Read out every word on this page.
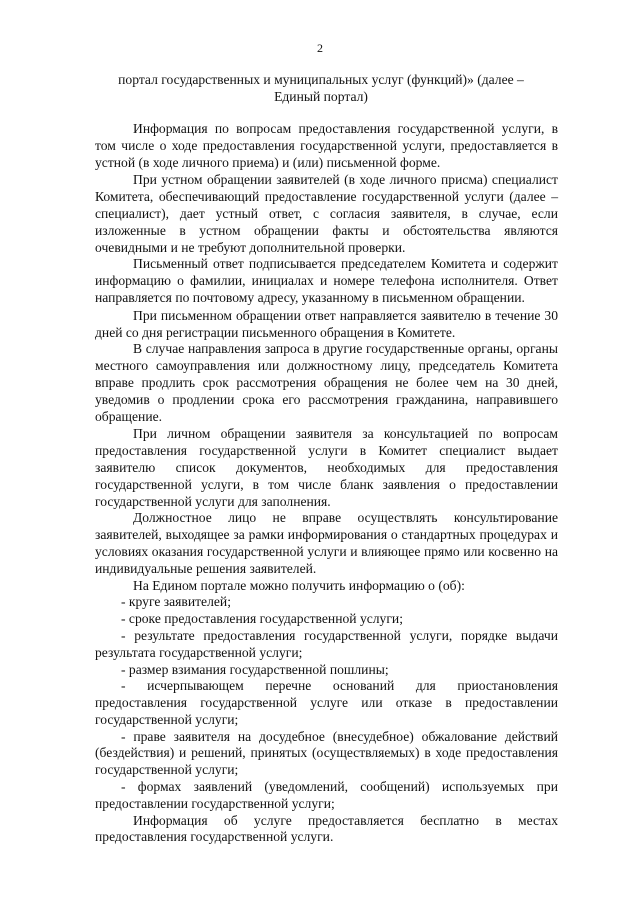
2
портал государственных и муниципальных услуг (функций)» (далее – Единый портал)

Информация по вопросам предоставления государственной услуги, в том числе о ходе предоставления государственной услуги, предоставляется в устной (в ходе личного приема) и (или) письменной форме.

При устном обращении заявителей (в ходе личного присма) специалист Комитета, обеспечивающий предоставление государственной услуги (далее – специалист), дает устный ответ, с согласия заявителя, в случае, если изложенные в устном обращении факты и обстоятельства являются очевидными и не требуют дополнительной проверки.

Письменный ответ подписывается председателем Комитета и содержит информацию о фамилии, инициалах и номере телефона исполнителя. Ответ направляется по почтовому адресу, указанному в письменном обращении.

При письменном обращении ответ направляется заявителю в течение 30 дней со дня регистрации письменного обращения в Комитете.

В случае направления запроса в другие государственные органы, органы местного самоуправления или должностному лицу, председатель Комитета вправе продлить срок рассмотрения обращения не более чем на 30 дней, уведомив о продлении срока его рассмотрения гражданина, направившего обращение.

При личном обращении заявителя за консультацией по вопросам предоставления государственной услуги в Комитет специалист выдает заявителю список документов, необходимых для предоставления государственной услуги, в том числе бланк заявления о предоставлении государственной услуги для заполнения.

Должностное лицо не вправе осуществлять консультирование заявителей, выходящее за рамки информирования о стандартных процедурах и условиях оказания государственной услуги и влияющее прямо или косвенно на индивидуальные решения заявителей.

На Едином портале можно получить информацию о (об):

- круге заявителей;

- сроке предоставления государственной услуги;

- результате предоставления государственной услуги, порядке выдачи результата государственной услуги;

- размер взимания государственной пошлины;

- исчерпывающем перечне оснований для приостановления предоставления государственной услуге или отказе в предоставлении государственной услуги;

- праве заявителя на досудебное (внесудебное) обжалование действий (бездействия) и решений, принятых (осуществляемых) в ходе предоставления государственной услуги;

- формах заявлений (уведомлений, сообщений) используемых при предоставлении государственной услуги;

Информация об услуге предоставляется бесплатно в местах предоставления государственной услуги.
